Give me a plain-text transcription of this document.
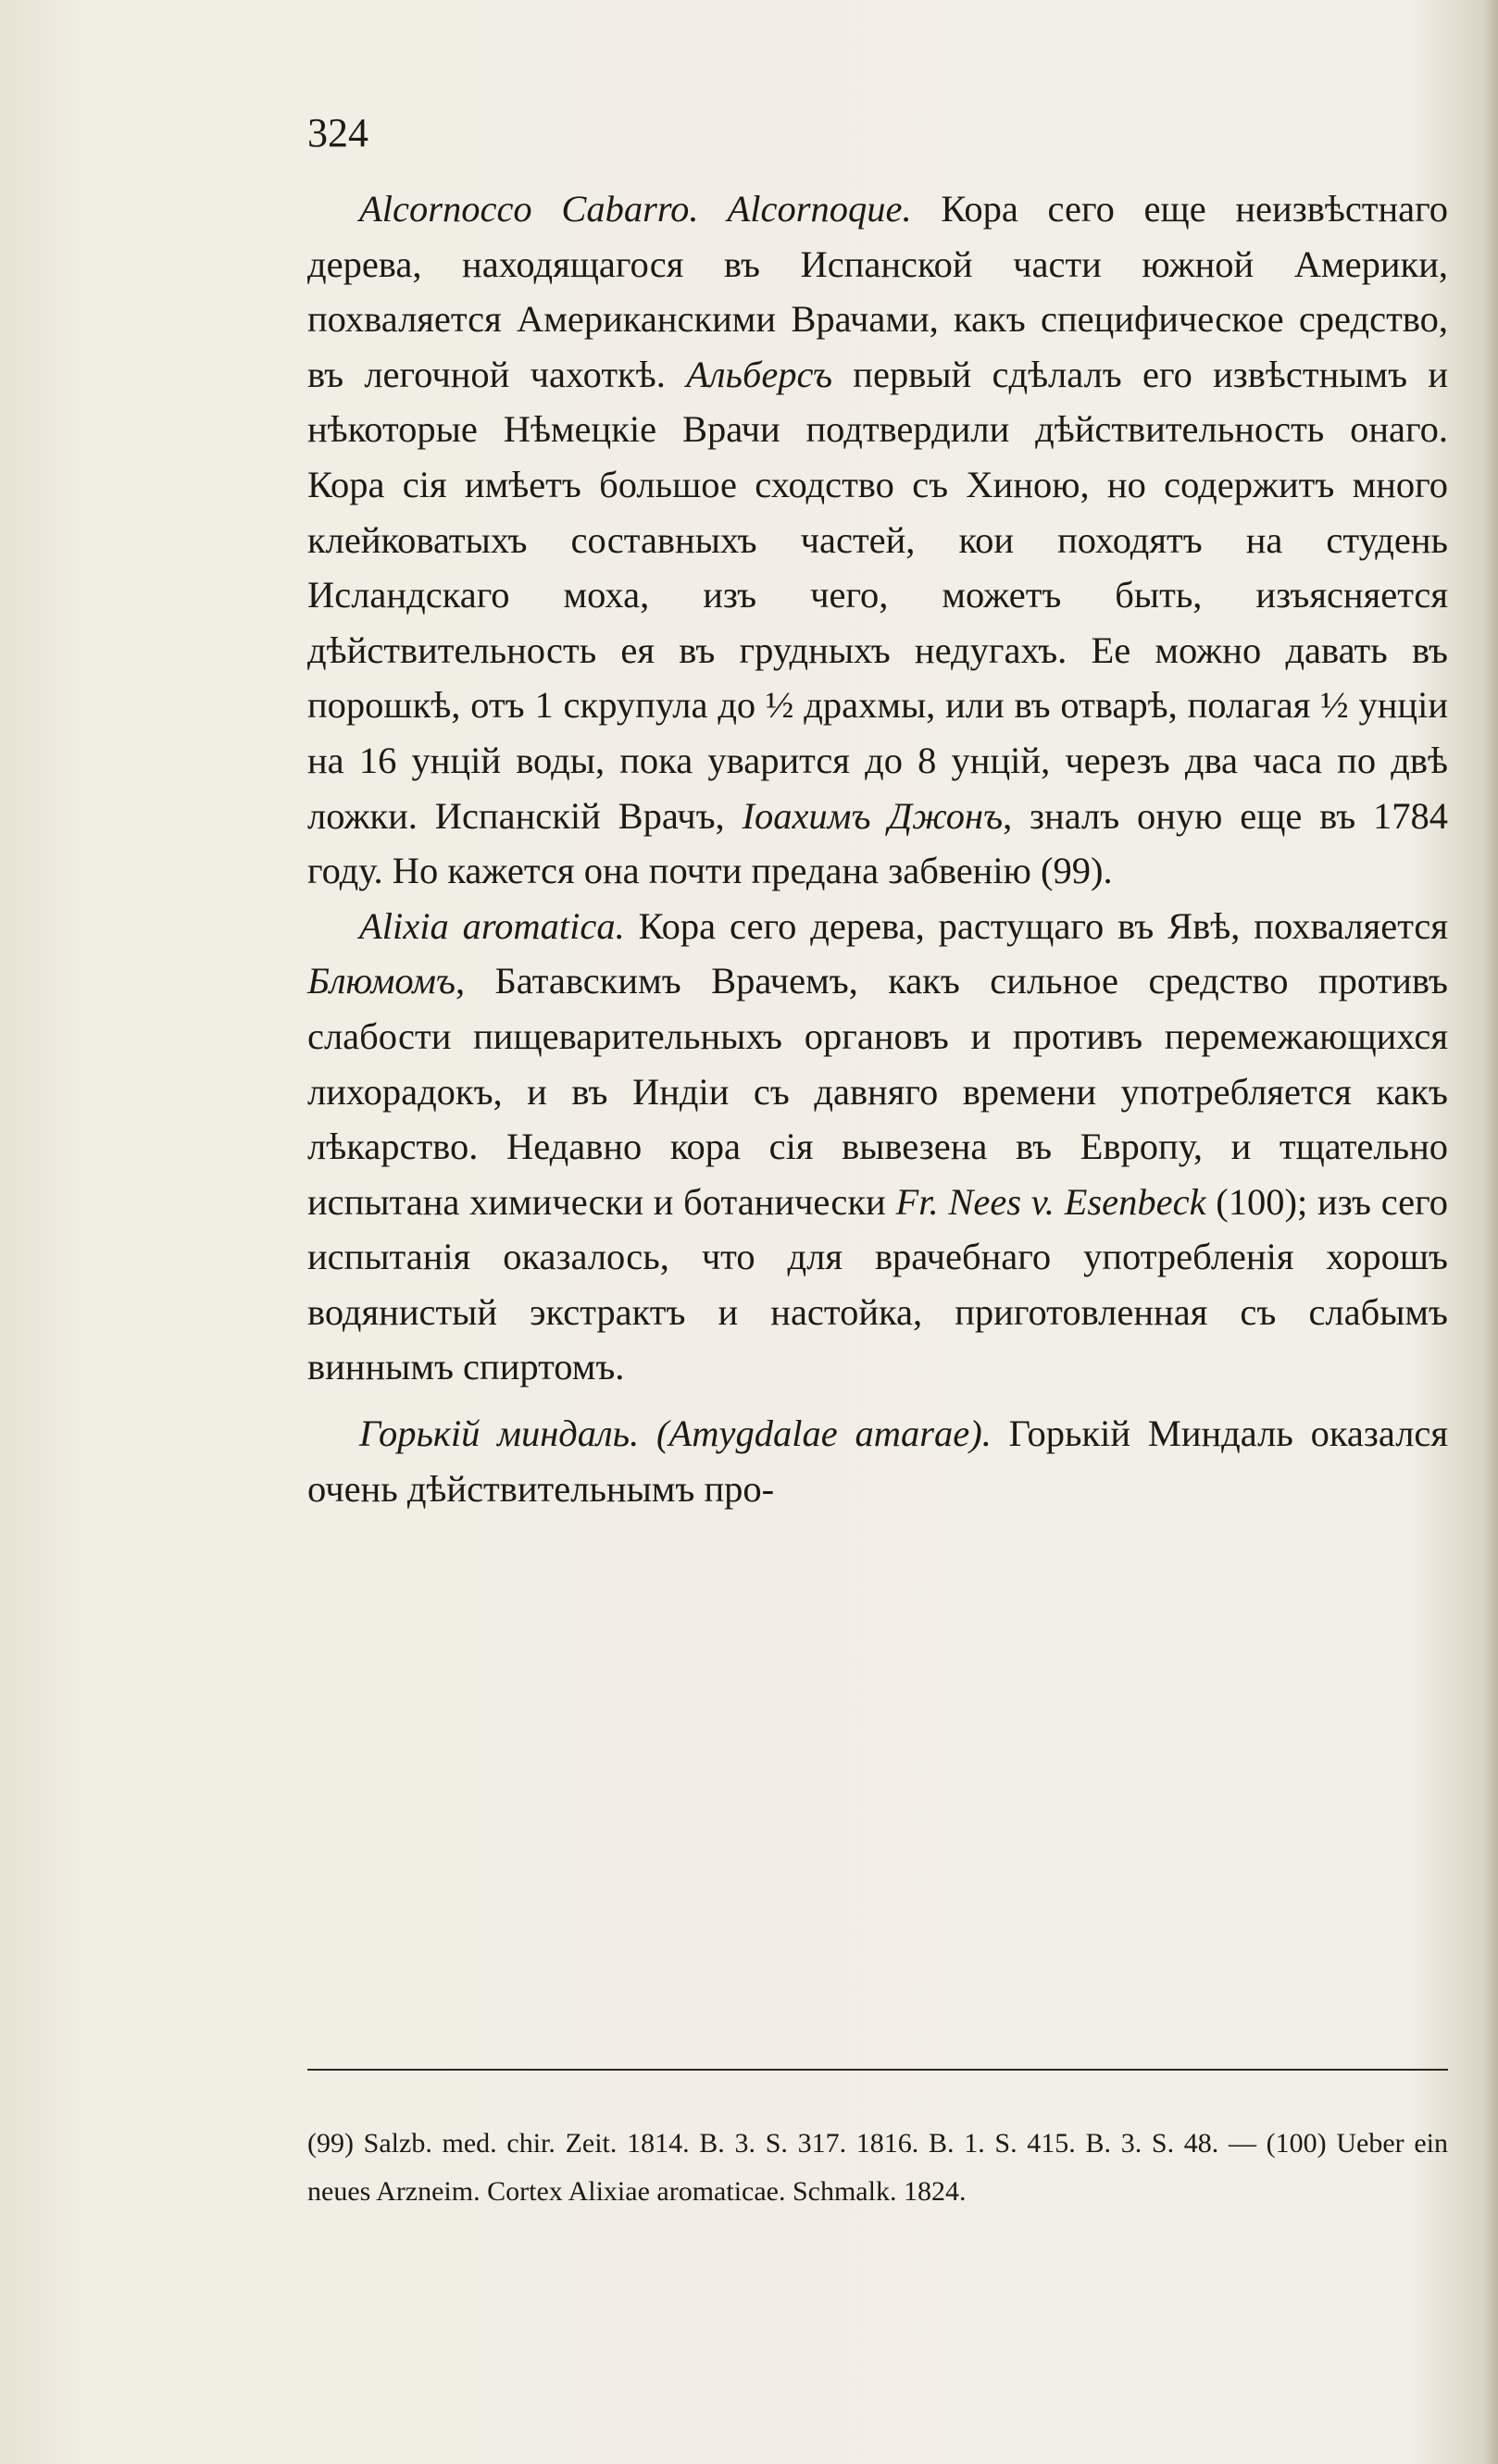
324

Alcornocco Cabarro. Alcornoque. Кора сего еще неизвѣстнаго дерева, находящагося въ Испанской части южной Америки, похваляется Американскими Врачами, какъ специфическое средство, въ легочной чахоткѣ. Альберсъ первый сдѣлалъ его извѣстнымъ и нѣкоторые Нѣмецкіе Врачи подтвердили дѣйствительность онаго. Кора сія имѣетъ большое сходство съ Хиною, но содержитъ много клейковатыхъ составныхъ частей, кои походятъ на студень Исландскаго моха, изъ чего, можетъ быть, изъясняется дѣйствительность ея въ грудныхъ недугахъ. Ее можно давать въ порошкѣ, отъ 1 скрупула до ½ драхмы, или въ отварѣ, полагая ½ унціи на 16 унцій воды, пока уварится до 8 унцій, черезъ два часа по двѣ ложки. Испанскій Врачъ, Іоахимъ Джонъ, зналъ оную еще въ 1784 году. Но кажется она почти предана забвенію (99).

Alixia aromatica. Кора сего дерева, растущаго въ Явѣ, похваляется Блюмомъ, Батавскимъ Врачемъ, какъ сильное средство противъ слабости пищеварительныхъ органовъ и противъ перемежающихся лихорадокъ, и въ Индіи съ давняго времени употребляется какъ лѣкарство. Недавно кора сія вывезена въ Европу, и тщательно испытана химически и ботанически Fr. Nees v. Esenbeck (100); изъ сего испытанія оказалось, что для врачебнаго употребленія хорошъ водянистый экстрактъ и настойка, приготовленная съ слабымъ виннымъ спиртомъ.

Горькій миндаль. (Amygdalae amarae). Горькій Миндаль оказался очень дѣйствительнымъ про-

(99) Salzb. med. chir. Zeit. 1814. B. 3. S. 317. 1816. B. 1. S. 415. B. 3. S. 48. — (100) Ueber ein neues Arzneim. Cortex Alixiae aromaticae. Schmalk. 1824.
